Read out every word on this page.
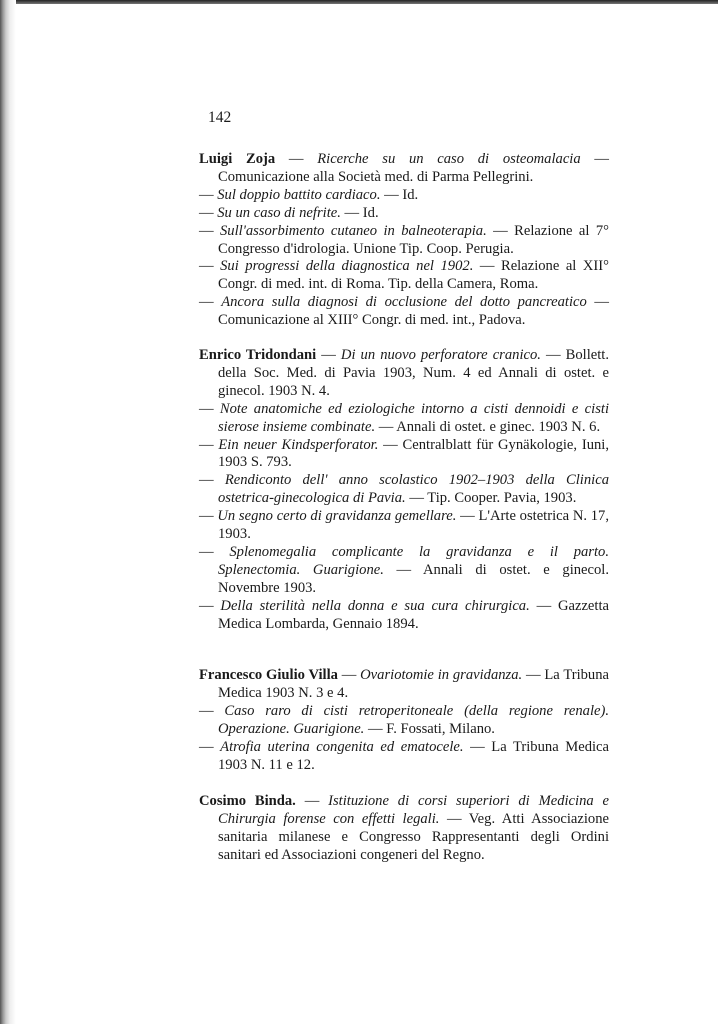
142
Luigi Zoja — Ricerche su un caso di osteomalacia — Comunicazione alla Società med. di Parma Pellegrini.
— Sul doppio battito cardiaco. — Id.
— Su un caso di nefrite. — Id.
— Sull'assorbimento cutaneo in balneoterapia. — Relazione al 7° Congresso d'idrologia. Unione Tip. Coop. Perugia.
— Sui progressi della diagnostica nel 1902. — Relazione al XII° Congr. di med. int. di Roma. Tip. della Camera, Roma.
— Ancora sulla diagnosi di occlusione del dotto pancreatico — Comunicazione al XIII° Congr. di med. int., Padova.
Enrico Tridondani — Di un nuovo perforatore cranico. — Bollett. della Soc. Med. di Pavia 1903, Num. 4 ed Annali di ostet. e ginecol. 1903 N. 4.
— Note anatomiche ed eziologiche intorno a cisti dennoidi e cisti sierose insieme combinate. — Annali di ostet. e ginec. 1903 N. 6.
— Ein neuer Kindsperforator. — Centralblatt für Gynäkologie, Iuni, 1903 S. 793.
— Rendiconto dell' anno scolastico 1902–1903 della Clinica ostetrica-ginecologica di Pavia. — Tip. Cooper. Pavia, 1903.
— Un segno certo di gravidanza gemellare. — L'Arte ostetrica N. 17, 1903.
— Splenomegalia complicante la gravidanza e il parto. Splenectomia. Guarigione. — Annali di ostet. e ginecol. Novembre 1903.
— Della sterilità nella donna e sua cura chirurgica. — Gazzetta Medica Lombarda, Gennaio 1894.
Francesco Giulio Villa — Ovariotomie in gravidanza. — La Tribuna Medica 1903 N. 3 e 4.
— Caso raro di cisti retroperitoneale (della regione renale). Operazione. Guarigione. — F. Fossati, Milano.
— Atrofia uterina congenita ed ematocele. — La Tribuna Medica 1903 N. 11 e 12.
Cosimo Binda. — Istituzione di corsi superiori di Medicina e Chirurgia forense con effetti legali. — Veg. Atti Associazione sanitaria milanese e Congresso Rappresentanti degli Ordini sanitari ed Associazioni congeneri del Regno.
